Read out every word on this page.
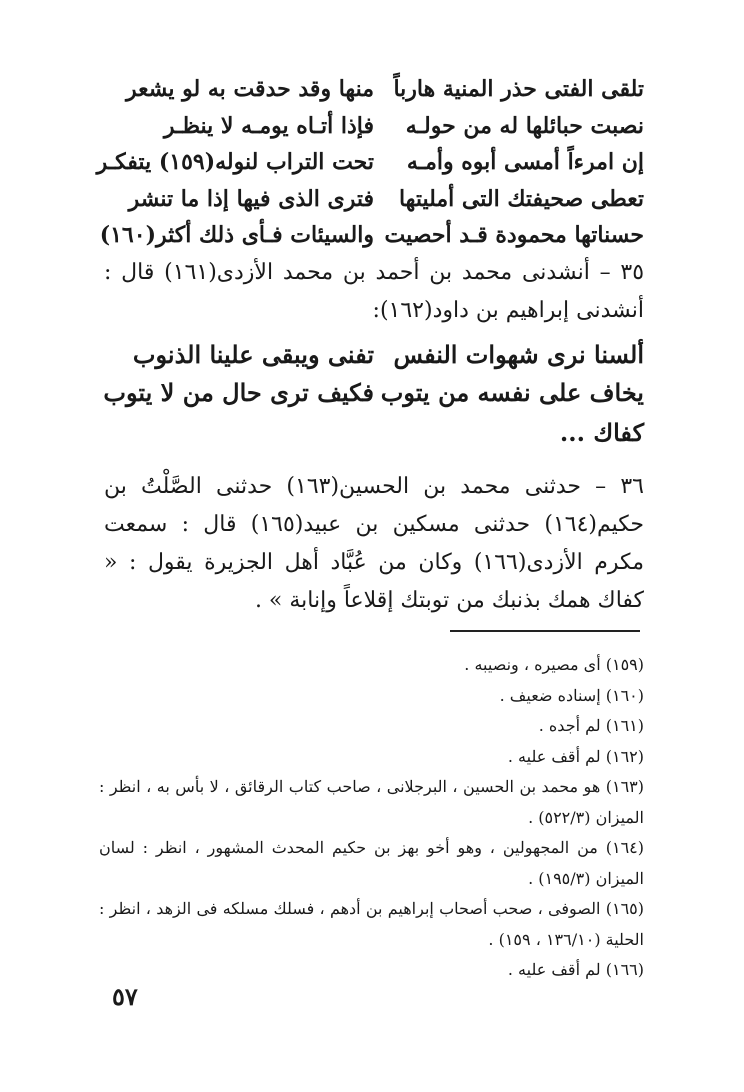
تلقى الفتى حذر المنية هارباً
منها وقد حدقت به لو يشعر
نصبت حبائلها له من حولـه
فإذا أتـاه يومـه لا ينظـر
إن امرءاً أمسى أبوه وأمـه
تحت التراب لنوله(١٥٩) يتفكـر
تعطى صحيفتك التى أمليتها
فترى الذى فيها إذا ما تنشر
حسناتها محمودة قـد أحصيت
والسيئات فـأى ذلك أكثر(١٦٠)
٣٥ – أنشدنى محمد بن أحمد بن محمد الأزدى(١٦١) قال : أنشدنى إبراهيم بن داود(١٦٢):
ألسنا نرى شهوات النفس
تفنى ويبقى علينا الذنوب
يخاف على نفسه من يتوب
فكيف ترى حال من لا يتوب
كفاك ...
٣٦ – حدثنى محمد بن الحسين(١٦٣) حدثنى الصَّلْتُ بن حكيم(١٦٤) حدثنى مسكين بن عبيد(١٦٥) قال : سمعت مكرم الأزدى(١٦٦) وكان من عُبَّاد أهل الجزيرة يقول : « كفاك همك بذنبك من توبتك إقلاعاً وإنابة » .
(١٥٩) أى مصيره ، ونصيبه .
(١٦٠) إسناده ضعيف .
(١٦١) لم أجده .
(١٦٢) لم أقف عليه .
(١٦٣) هو محمد بن الحسين ، البرجلانى ، صاحب كتاب الرقائق ، لا بأس به ، انظر : الميزان (٥٢٢/٣) .
(١٦٤) من المجهولين ، وهو أخو بهز بن حكيم المحدث المشهور ، انظر : لسان الميزان (١٩٥/٣) .
(١٦٥) الصوفى ، صحب أصحاب إبراهيم بن أدهم ، فسلك مسلكه فى الزهد ، انظر : الحلية (١٣٦/١٠ ، ١٥٩) .
(١٦٦) لم أقف عليه .
٥٧
